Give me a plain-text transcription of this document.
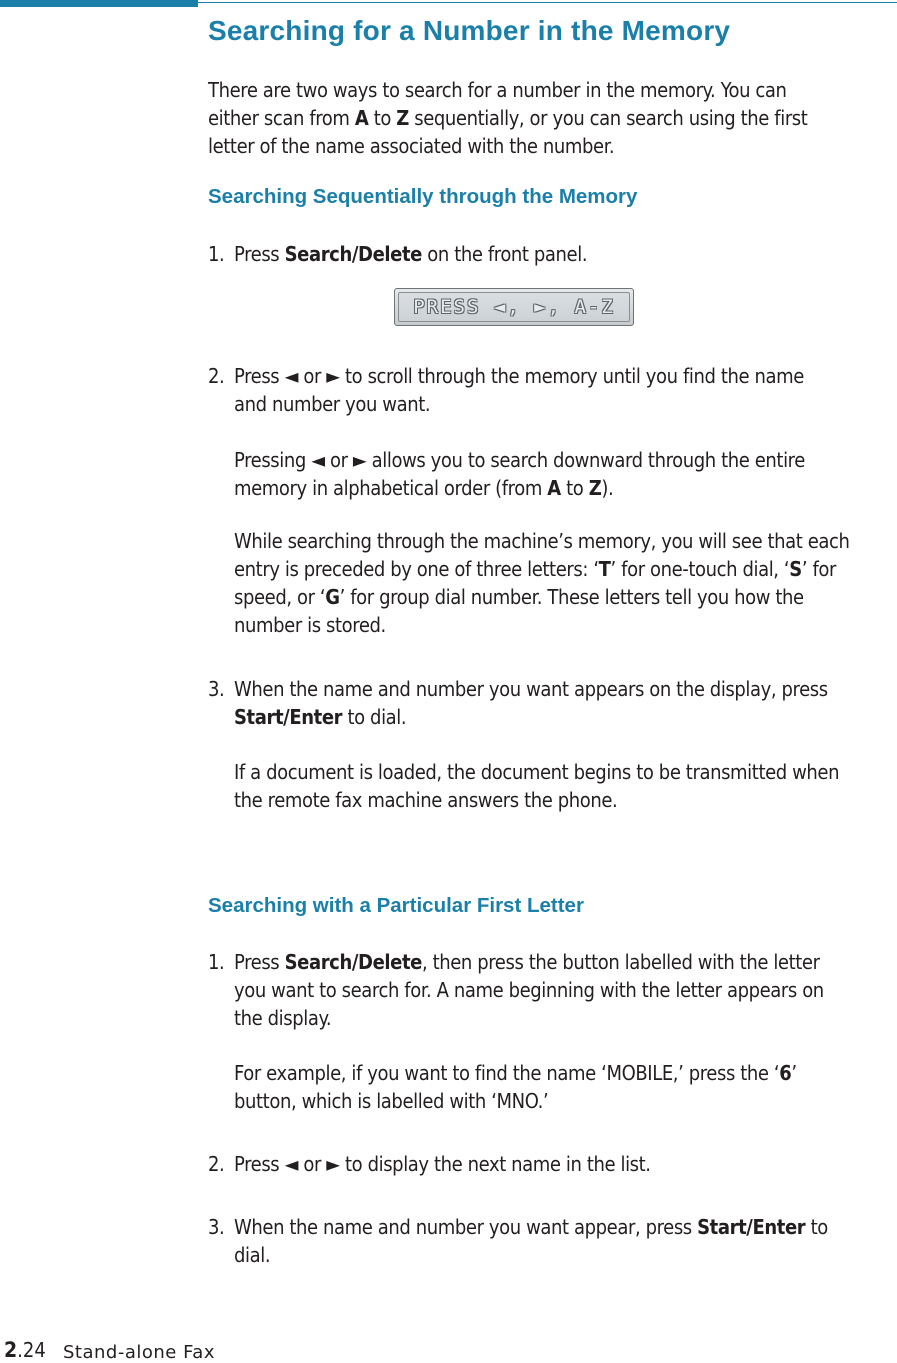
Searching for a Number in the Memory
There are two ways to search for a number in the memory. You can
either scan from A to Z sequentially, or you can search using the first
letter of the name associated with the number.
Searching Sequentially through the Memory
1. Press Search/Delete on the front panel.
PRESS ◄, ►, A-Z
2. Press ◄ or ► to scroll through the memory until you find the name
and number you want.
Pressing ◄ or ► allows you to search downward through the entire
memory in alphabetical order (from A to Z).
While searching through the machine’s memory, you will see that each
entry is preceded by one of three letters: ‘T’ for one-touch dial, ‘S’ for
speed, or ‘G’ for group dial number. These letters tell you how the
number is stored.
3. When the name and number you want appears on the display, press
Start/Enter to dial.
If a document is loaded, the document begins to be transmitted when
the remote fax machine answers the phone.
Searching with a Particular First Letter
1. Press Search/Delete, then press the button labelled with the letter
you want to search for. A name beginning with the letter appears on
the display.
For example, if you want to find the name ‘MOBILE,’ press the ‘6’
button, which is labelled with ‘MNO.’
2. Press ◄ or ► to display the next name in the list.
3. When the name and number you want appear, press Start/Enter to
dial.
2.24 Stand-alone Fax
